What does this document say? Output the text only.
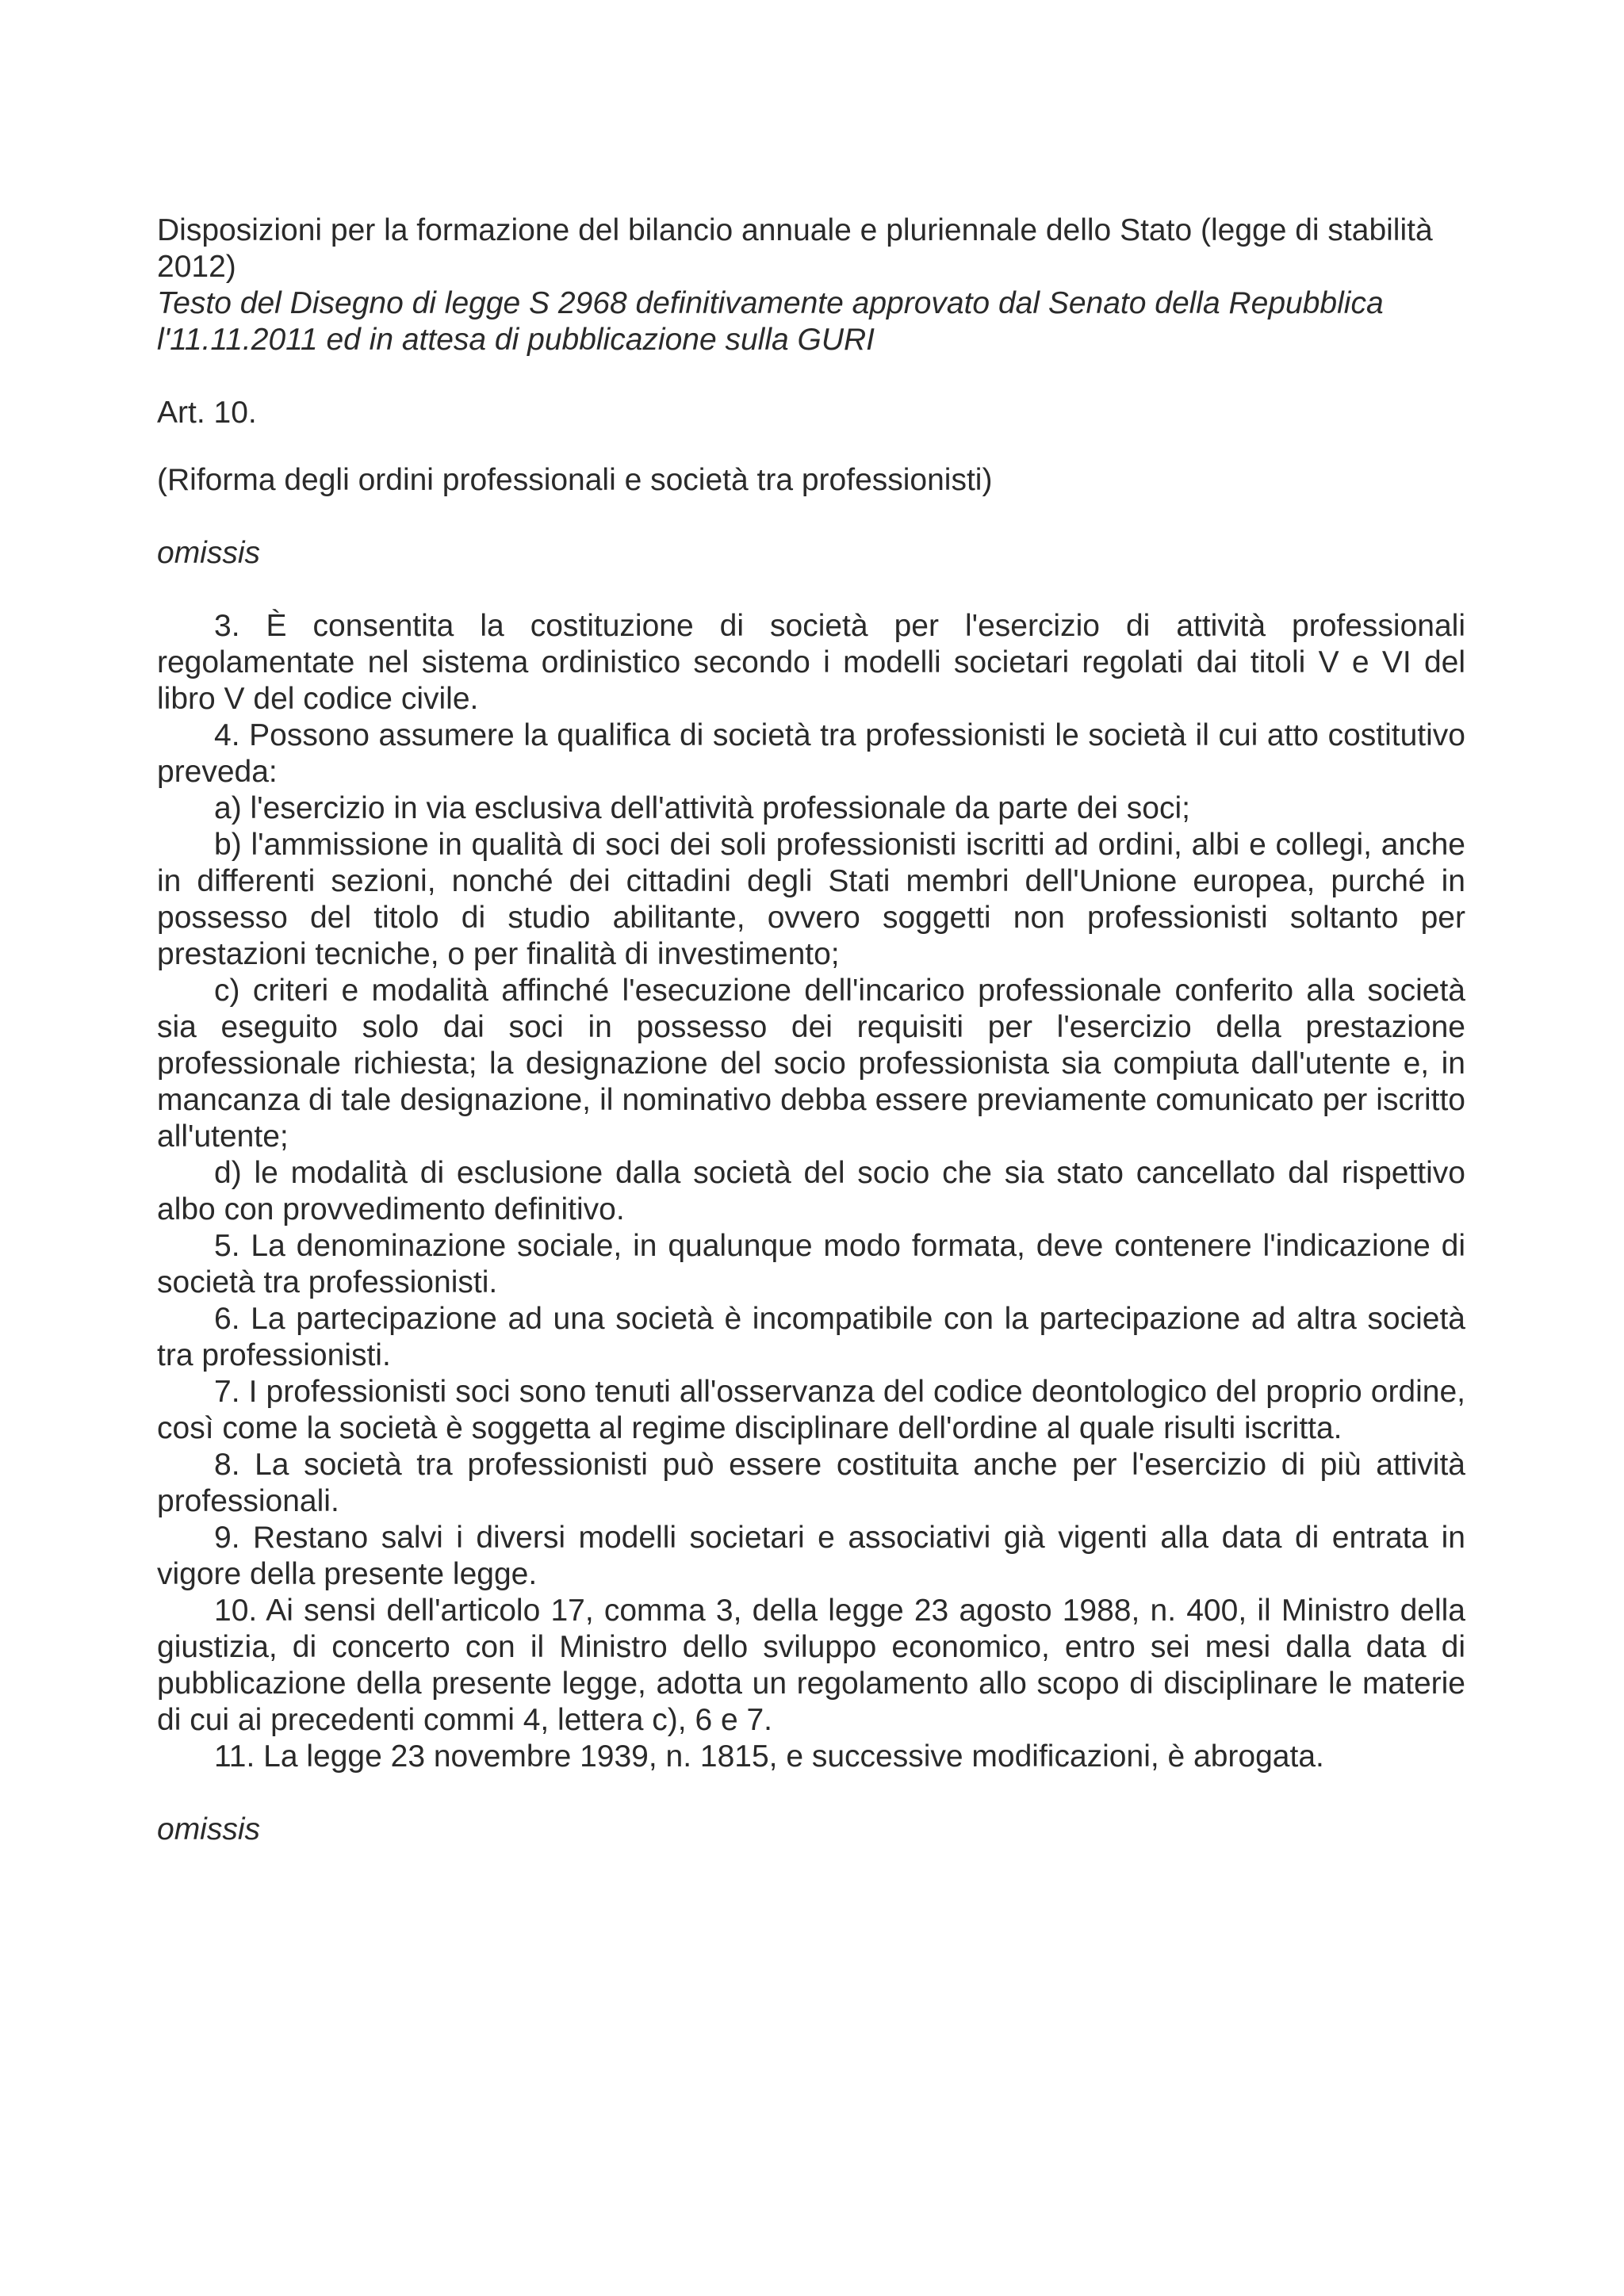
Disposizioni per la formazione del bilancio annuale e pluriennale dello Stato (legge di stabilità 2012)

Testo del Disegno di legge S 2968 definitivamente approvato dal Senato della Repubblica l'11.11.2011 ed in attesa di pubblicazione sulla GURI

Art. 10.

(Riforma degli ordini professionali e società tra professionisti)

omissis

3. È consentita la costituzione di società per l'esercizio di attività professionali regolamentate nel sistema ordinistico secondo i modelli societari regolati dai titoli V e VI del libro V del codice civile.

4. Possono assumere la qualifica di società tra professionisti le società il cui atto costitutivo preveda:

a) l'esercizio in via esclusiva dell'attività professionale da parte dei soci;

b) l'ammissione in qualità di soci dei soli professionisti iscritti ad ordini, albi e collegi, anche in differenti sezioni, nonché dei cittadini degli Stati membri dell'Unione europea, purché in possesso del titolo di studio abilitante, ovvero soggetti non professionisti soltanto per prestazioni tecniche, o per finalità di investimento;

c) criteri e modalità affinché l'esecuzione dell'incarico professionale conferito alla società sia eseguito solo dai soci in possesso dei requisiti per l'esercizio della prestazione professionale richiesta; la designazione del socio professionista sia compiuta dall'utente e, in mancanza di tale designazione, il nominativo debba essere previamente comunicato per iscritto all'utente;

d) le modalità di esclusione dalla società del socio che sia stato cancellato dal rispettivo albo con provvedimento definitivo.

5. La denominazione sociale, in qualunque modo formata, deve contenere l'indicazione di società tra professionisti.

6. La partecipazione ad una società è incompatibile con la partecipazione ad altra società tra professionisti.

7. I professionisti soci sono tenuti all'osservanza del codice deontologico del proprio ordine, così come la società è soggetta al regime disciplinare dell'ordine al quale risulti iscritta.

8. La società tra professionisti può essere costituita anche per l'esercizio di più attività professionali.

9. Restano salvi i diversi modelli societari e associativi già vigenti alla data di entrata in vigore della presente legge.

10. Ai sensi dell'articolo 17, comma 3, della legge 23 agosto 1988, n. 400, il Ministro della giustizia, di concerto con il Ministro dello sviluppo economico, entro sei mesi dalla data di pubblicazione della presente legge, adotta un regolamento allo scopo di disciplinare le materie di cui ai precedenti commi 4, lettera c), 6 e 7.

11. La legge 23 novembre 1939, n. 1815, e successive modificazioni, è abrogata.

omissis
